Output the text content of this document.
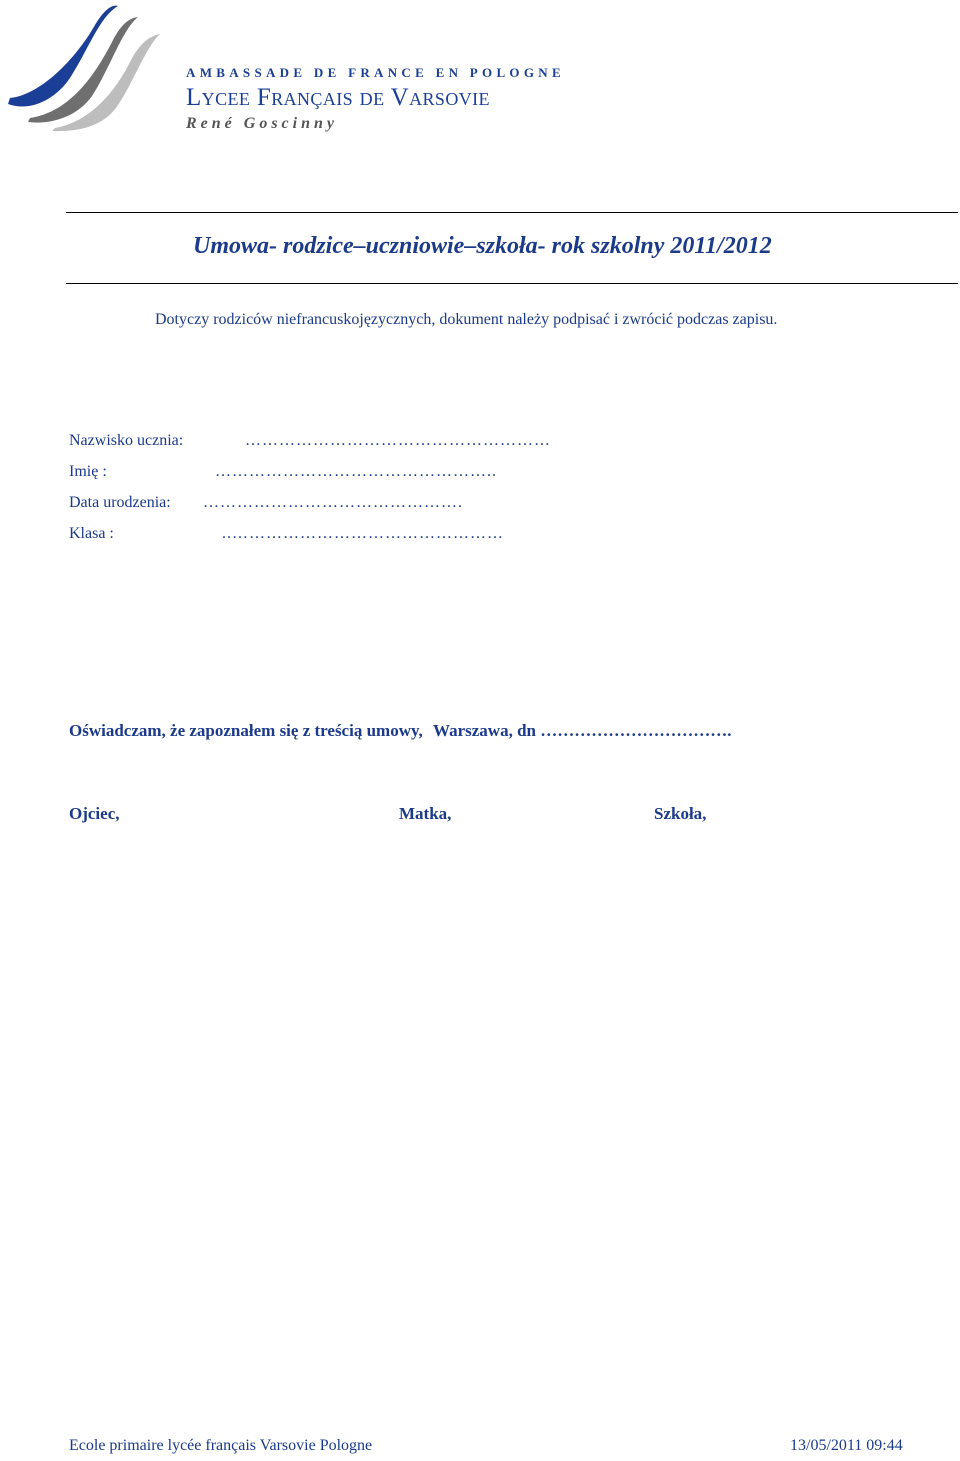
AMBASSADE DE FRANCE EN POLOGNE
Lycee Français de Varsovie
René Goscinny
Umowa- rodzice–uczniowie–szkoła- rok szkolny 2011/2012
Dotyczy rodziców niefrancuskojęzycznych, dokument należy podpisać i zwrócić podczas zapisu.
Nazwisko ucznia:	………………………………………………
Imię :	…………………………………………..
Data urodzenia: ……………………………………….
Klasa :	..…………………………………………
Oświadczam, że zapoznałem się z treścią umowy, Warszawa, dn …………………………….
Ojciec,	Matka,	Szkoła,
Ecole primaire lycée français Varsovie Pologne	13/05/2011 09:44
